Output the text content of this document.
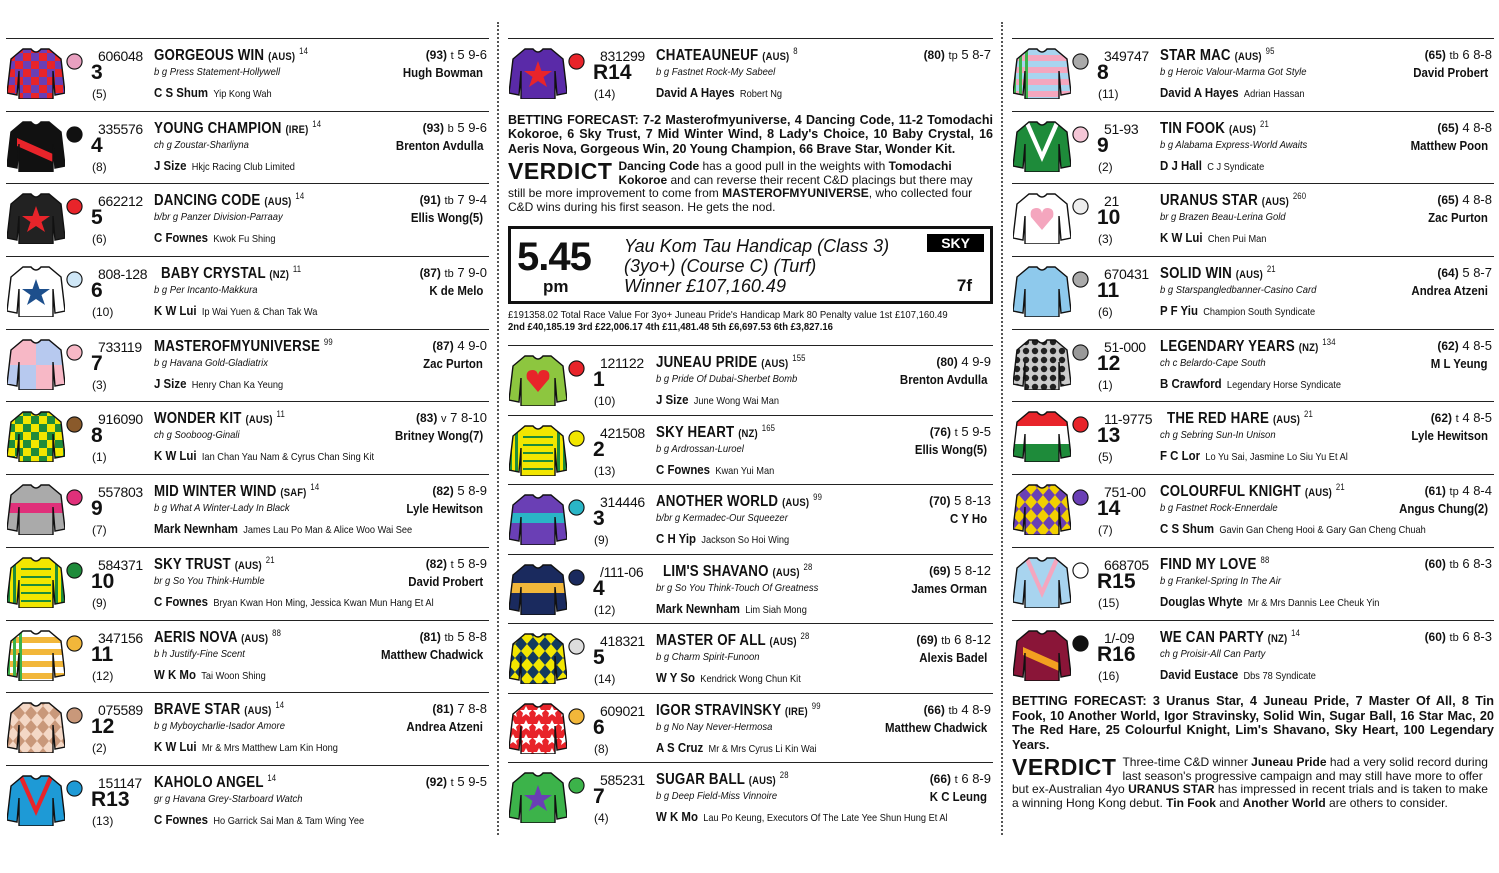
606048 GORGEOUS WIN (AUS) $^{14}$
3
(5)
b g Press Statement-Hollywell
C S Shum Yip Kong Wah
(93) t 5 9-6
Hugh Bowman
335576 YOUNG CHAMPION (IRE) $^{14}$
4
(8)
ch g Zoustar-Sharliyna
J Size Hkjc Racing Club Limited
(93) b 5 9-6
Brenton Avdulla
662212 DANCING CODE (AUS) $^{14}$
5
(6)
b/br g Panzer Division-Parraay
C Fownes Kwok Fu Shing
(91) tb 7 9-4
Ellis Wong(5)
808-128 BABY CRYSTAL (NZ) $^{11}$
6
(10)
b g Per Incanto-Makkura
K W Lui Ip Wai Yuen & Chan Tak Wa
(87) tb 7 9-0
K de Melo
733119 MASTEROFMYUNIVERSE $^{99}$
7
(3)
b g Havana Gold-Gladiatrix
J Size Henry Chan Ka Yeung
(87) 4 9-0
Zac Purton
916090 WONDER KIT (AUS) $^{11}$
8
(1)
ch g Sooboog-Ginali
K W Lui Ian Chan Yau Nam & Cyrus Chan Sing Kit
(83) v 7 8-10
Britney Wong(7)
557803 MID WINTER WIND (SAF) $^{14}$
9
(7)
b g What A Winter-Lady In Black
Mark Newnham James Lau Po Man & Alice Woo Wai See
(82) 5 8-9
Lyle Hewitson
584371 SKY TRUST (AUS) $^{21}$
10
(9)
br g So You Think-Humble
C Fownes Bryan Kwan Hon Ming, Jessica Kwan Mun Hang Et Al
(82) t 5 8-9
David Probert
347156 AERIS NOVA (AUS) $^{88}$
11
(12)
b h Justify-Fine Scent
W K Mo Tai Woon Shing
(81) tb 5 8-8
Matthew Chadwick
075589 BRAVE STAR (AUS) $^{14}$
12
(2)
b g Myboycharlie-Isador Amore
K W Lui Mr & Mrs Matthew Lam Kin Hong
(81) 7 8-8
Andrea Atzeni
151147 KAHOLO ANGEL $^{14}$
R13
(13)
gr g Havana Grey-Starboard Watch
C Fownes Ho Garrick Sai Man & Tam Wing Yee
(92) t 5 9-5
831299 CHATEAUNEUF (AUS) $^8$
R14
(14)
b g Fastnet Rock-My Sabeel
David A Hayes Robert Ng
(80) tp 5 8-7
BETTING FORECAST: 7-2 Masterofmyuniverse, 4 Dancing Code, 11-2 Tomodachi Kokoroe, 6 Sky Trust, 7 Mid Winter Wind, 8 Lady's Choice, 10 Baby Crystal, 16 Aeris Nova, Gorgeous Win, 20 Young Champion, 66 Brave Star, Wonder Kit.
VERDICT Dancing Code has a good pull in the weights with Tomodachi Kokoroe and can reverse their recent C&D placings but there may still be more improvement to come from MASTEROFMYUNIVERSE, who collected four C&D wins during his first season. He gets the nod.
5.45
pm
Yau Kom Tau Handicap (Class 3)
(3yo+) (Course C) (Turf)
Winner £107,160.49
SKY
7f
£191358.02 Total Race Value For 3yo+ Juneau Pride's Handicap Mark 80 Penalty value 1st £107,160.49
2nd £40,185.19 3rd £22,006.17 4th £11,481.48 5th £6,697.53 6th £3,827.16
121122 JUNEAU PRIDE (AUS) $^{155}$
1
(10)
b g Pride Of Dubai-Sherbet Bomb
J Size June Wong Wai Man
(80) 4 9-9
Brenton Avdulla
421508 SKY HEART (NZ) $^{165}$
2
(13)
b g Ardrossan-Luroel
C Fownes Kwan Yui Man
(76) t 5 9-5
Ellis Wong(5)
314446 ANOTHER WORLD (AUS) $^{99}$
3
(9)
b/br g Kermadec-Our Squeezer
C H Yip Jackson So Hoi Wing
(70) 5 8-13
C Y Ho
/111-06 LIM'S SHAVANO (AUS) $^{28}$
4
(12)
br g So You Think-Touch Of Greatness
Mark Newnham Lim Siah Mong
(69) 5 8-12
James Orman
418321 MASTER OF ALL (AUS) $^{28}$
5
(14)
b g Charm Spirit-Funoon
W Y So Kendrick Wong Chun Kit
(69) tb 6 8-12
Alexis Badel
609021 IGOR STRAVINSKY (IRE) $^{99}$
6
(8)
b g No Nay Never-Hermosa
A S Cruz Mr & Mrs Cyrus Li Kin Wai
(66) tb 4 8-9
Matthew Chadwick
585231 SUGAR BALL (AUS) $^{28}$
7
(4)
b g Deep Field-Miss Vinnoire
W K Mo Lau Po Keung, Executors Of The Late Yee Shun Hung Et Al
(66) t 6 8-9
K C Leung
349747 STAR MAC (AUS) $^{95}$
8
(11)
b g Heroic Valour-Marma Got Style
David A Hayes Adrian Hassan
(65) tb 6 8-8
David Probert
51-93 TIN FOOK (AUS) $^{21}$
9
(2)
b g Alabama Express-World Awaits
D J Hall C J Syndicate
(65) 4 8-8
Matthew Poon
21	URANUS STAR (AUS) $^{260}$
10
(3)
br g Brazen Beau-Lerina Gold
K W Lui Chen Pui Man
(65) 4 8-8
Zac Purton
670431 SOLID WIN (AUS) $^{21}$
11
(6)
b g Starspangledbanner-Casino Card
P F Yiu Champion South Syndicate
(64) 5 8-7
Andrea Atzeni
51-000 LEGENDARY YEARS (NZ) $^{134}$
12
(1)
ch c Belardo-Cape South
B Crawford Legendary Horse Syndicate
(62) 4 8-5
M L Yeung
11-9775 THE RED HARE (AUS) $^{21}$
13
(5)
ch g Sebring Sun-In Unison
F C Lor Lo Yu Sai, Jasmine Lo Siu Yu Et Al
(62) t 4 8-5
Lyle Hewitson
751-00 COLOURFUL KNIGHT (AUS) $^{21}$
14
(7)
b g Fastnet Rock-Ennerdale
C S Shum Gavin Gan Cheng Hooi & Gary Gan Cheng Chuah
(61) tp 4 8-4
Angus Chung(2)
668705 FIND MY LOVE $^{88}$
R15
(15)
b g Frankel-Spring In The Air
Douglas Whyte Mr & Mrs Dannis Lee Cheuk Yin
(60) tb 6 8-3
1/-09 WE CAN PARTY (NZ) $^{14}$
R16
(16)
ch g Proisir-All Can Party
David Eustace Dbs 78 Syndicate
(60) tb 6 8-3
BETTING FORECAST: 3 Uranus Star, 4 Juneau Pride, 7 Master Of All, 8 Tin Fook, 10 Another World, Igor Stravinsky, Solid Win, Sugar Ball, 16 Star Mac, 20 The Red Hare, 25 Colourful Knight, Lim's Shavano, Sky Heart, 100 Legendary Years.
VERDICT Three-time C&D winner Juneau Pride had a very solid record during last season's progressive campaign and may still have more to offer but ex-Australian 4yo URANUS STAR has impressed in recent trials and is taken to make a winning Hong Kong debut. Tin Fook and Another World are others to consider.
